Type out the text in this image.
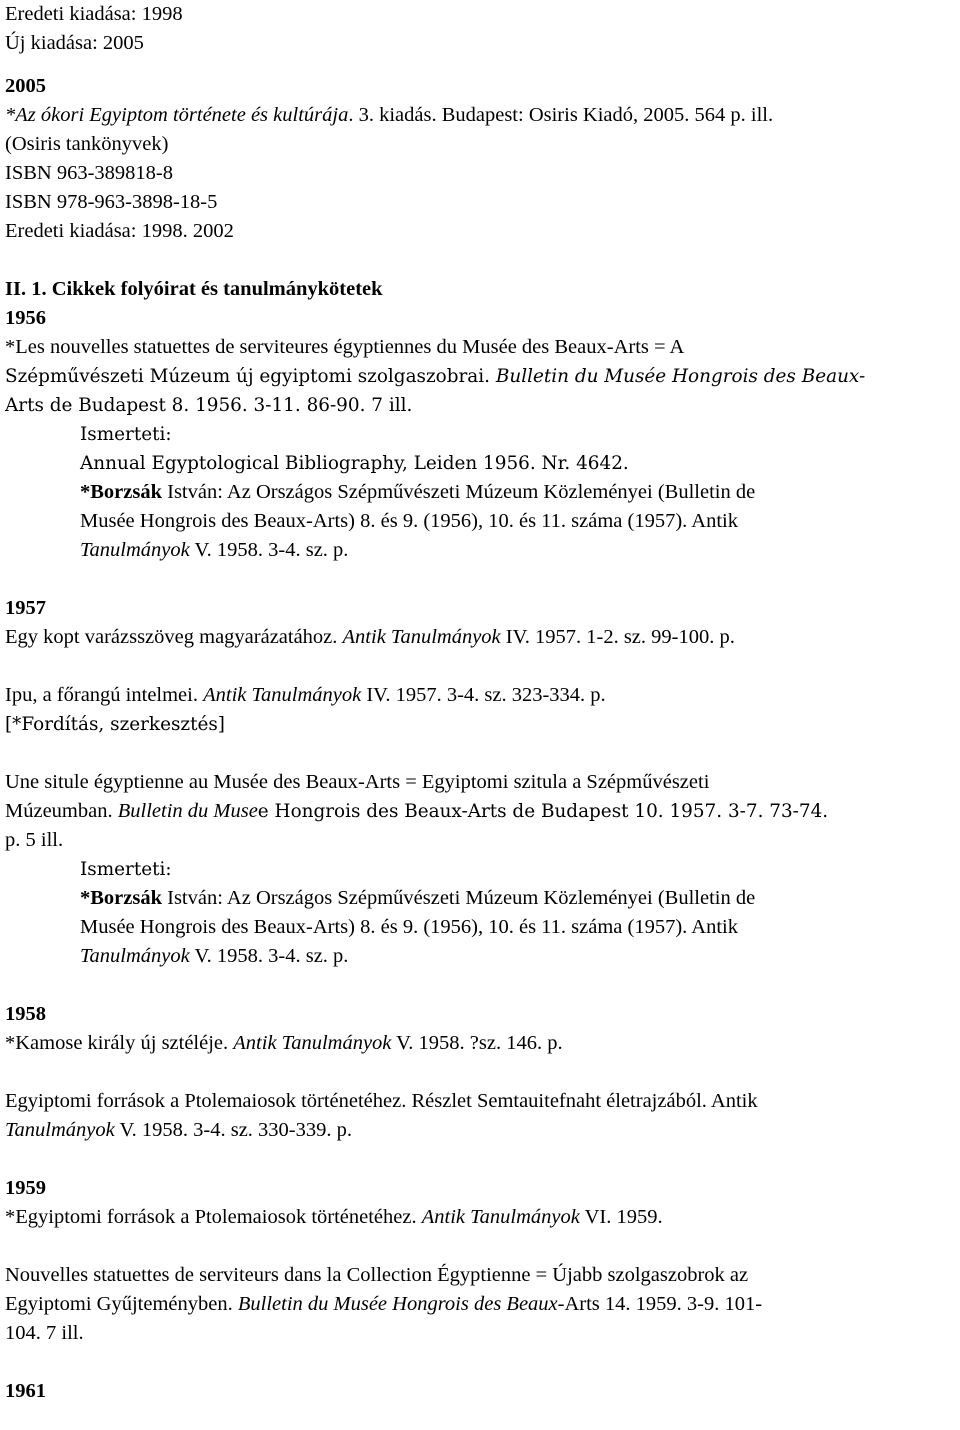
Eredeti kiadása: 1998
Új kiadása: 2005
2005
*Az ókori Egyiptom története és kultúrája. 3. kiadás. Budapest: Osiris Kiadó, 2005. 564 p. ill.
(Osiris tankönyvek)
ISBN 963-389818-8
ISBN 978-963-3898-18-5
Eredeti kiadása: 1998. 2002
II. 1. Cikkek folyóirat és tanulmánykötetek
1956
*Les nouvelles statuettes de serviteures égyptiennes du Musée des Beaux-Arts = A
Szépművészeti Múzeum új egyiptomi szolgaszobrai. Bulletin du Musée Hongrois des Beaux-
Arts de Budapest 8. 1956. 3-11. 86-90. 7 ill.
Ismerteti:
Annual Egyptological Bibliography, Leiden 1956. Nr. 4642.
*Borzsák István: Az Országos Szépművészeti Múzeum Közleményei (Bulletin de
Musée Hongrois des Beaux-Arts) 8. és 9. (1956), 10. és 11. száma (1957). Antik
Tanulmányok V. 1958. 3-4. sz. p.
1957
Egy kopt varázsszöveg magyarázatához. Antik Tanulmányok IV. 1957. 1-2. sz. 99-100. p.
Ipu, a főrangú intelmei. Antik Tanulmányok IV. 1957. 3-4. sz. 323-334. p.
[*Fordítás, szerkesztés]
Une situle égyptienne au Musée des Beaux-Arts = Egyiptomi szitula a Szépművészeti
Múzeumban. Bulletin du Musee Hongrois des Beaux-Arts de Budapest 10. 1957. 3-7. 73-74.
p. 5 ill.
Ismerteti:
*Borzsák István: Az Országos Szépművészeti Múzeum Közleményei (Bulletin de
Musée Hongrois des Beaux-Arts) 8. és 9. (1956), 10. és 11. száma (1957). Antik
Tanulmányok V. 1958. 3-4. sz. p.
1958
*Kamose király új sztéléje. Antik Tanulmányok V. 1958. ?sz. 146. p.
Egyiptomi források a Ptolemaiosok történetéhez. Részlet Semtauitefnaht életrajzából. Antik
Tanulmányok V. 1958. 3-4. sz. 330-339. p.
1959
*Egyiptomi források a Ptolemaiosok történetéhez. Antik Tanulmányok VI. 1959.
Nouvelles statuettes de serviteurs dans la Collection Égyptienne = Újabb szolgaszobrok az
Egyiptomi Gyűjteményben. Bulletin du Musée Hongrois des Beaux-Arts 14. 1959. 3-9. 101-
104. 7 ill.
1961
